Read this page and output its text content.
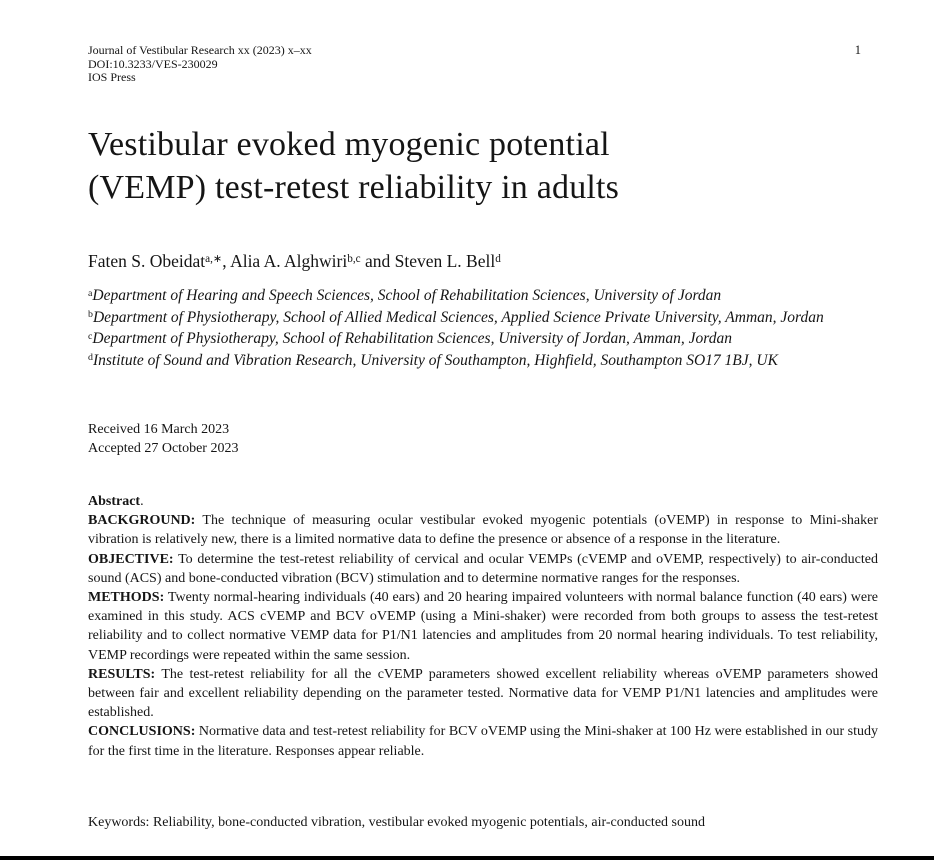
Journal of Vestibular Research xx (2023) x–xx
DOI:10.3233/VES-230029
IOS Press
1
Vestibular evoked myogenic potential
(VEMP) test-retest reliability in adults
Faten S. Obeidat$^{a,∗}$, Alia A. Alghwiri$^{b,c}$ and Steven L. Bell$^d$
$^a$Department of Hearing and Speech Sciences, School of Rehabilitation Sciences, University of Jordan
$^b$Department of Physiotherapy, School of Allied Medical Sciences, Applied Science Private University, Amman, Jordan
$^c$Department of Physiotherapy, School of Rehabilitation Sciences, University of Jordan, Amman, Jordan
$^d$Institute of Sound and Vibration Research, University of Southampton, Highfield, Southampton SO17 1BJ, UK
Received 16 March 2023
Accepted 27 October 2023
Abstract.
BACKGROUND: The technique of measuring ocular vestibular evoked myogenic potentials (oVEMP) in response to Mini-shaker vibration is relatively new, there is a limited normative data to define the presence or absence of a response in the literature.
OBJECTIVE: To determine the test-retest reliability of cervical and ocular VEMPs (cVEMP and oVEMP, respectively) to air-conducted sound (ACS) and bone-conducted vibration (BCV) stimulation and to determine normative ranges for the responses.
METHODS: Twenty normal-hearing individuals (40 ears) and 20 hearing impaired volunteers with normal balance function (40 ears) were examined in this study. ACS cVEMP and BCV oVEMP (using a Mini-shaker) were recorded from both groups to assess the test-retest reliability and to collect normative VEMP data for P1/N1 latencies and amplitudes from 20 normal hearing individuals. To test reliability, VEMP recordings were repeated within the same session.
RESULTS: The test-retest reliability for all the cVEMP parameters showed excellent reliability whereas oVEMP parameters showed between fair and excellent reliability depending on the parameter tested. Normative data for VEMP P1/N1 latencies and amplitudes were established.
CONCLUSIONS: Normative data and test-retest reliability for BCV oVEMP using the Mini-shaker at 100 Hz were established in our study for the first time in the literature. Responses appear reliable.
Keywords: Reliability, bone-conducted vibration, vestibular evoked myogenic potentials, air-conducted sound
